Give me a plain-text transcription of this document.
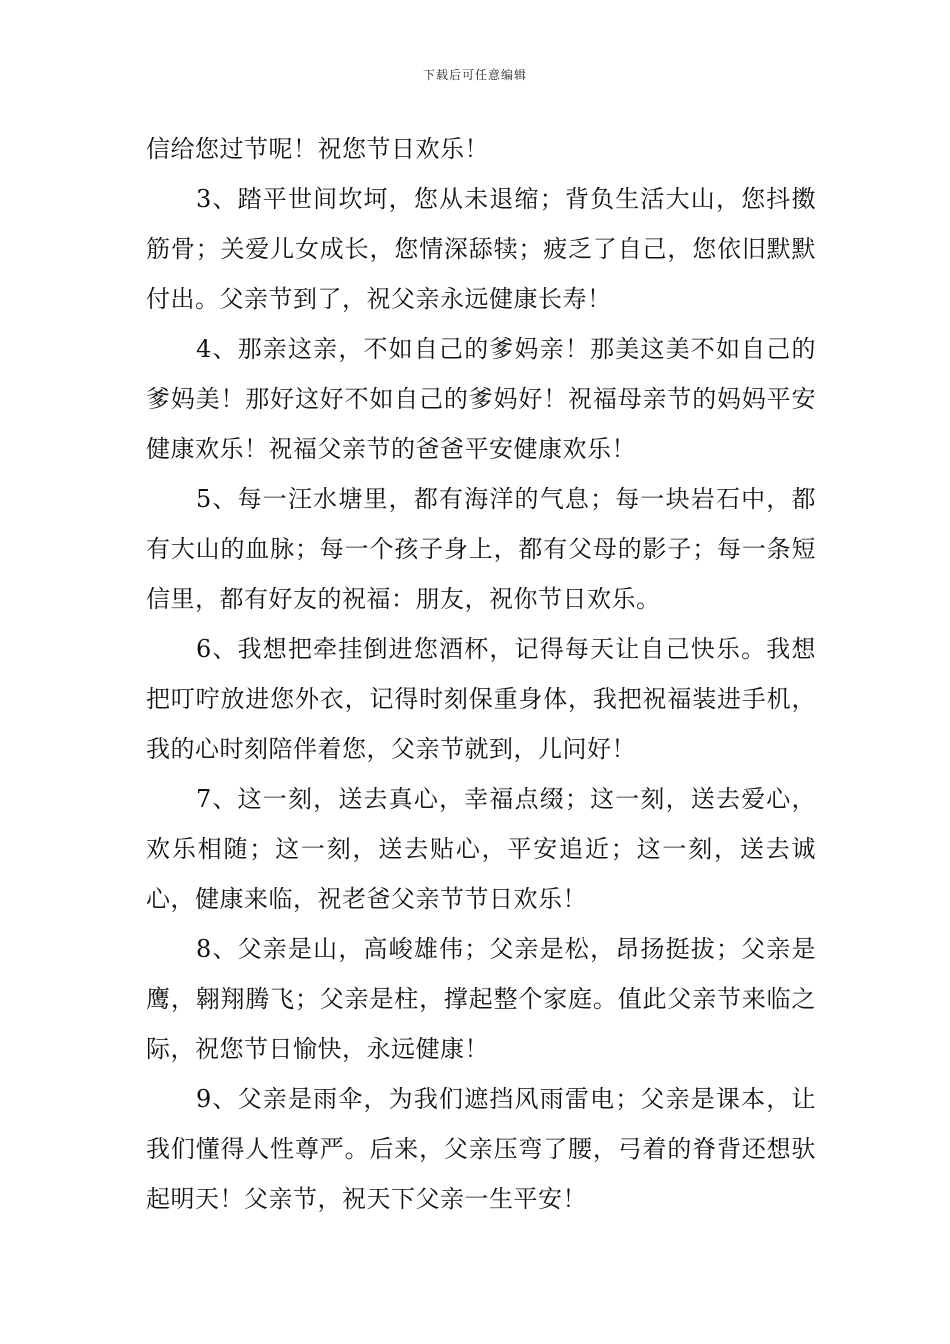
下载后可任意编辑

信给您过节呢！祝您节日欢乐！

3、踏平世间坎坷，您从未退缩；背负生活大山，您抖擞筋骨；关爱儿女成长，您情深舔犊；疲乏了自己，您依旧默默付出。父亲节到了，祝父亲永远健康长寿！

4、那亲这亲，不如自己的爹妈亲！那美这美不如自己的爹妈美！那好这好不如自己的爹妈好！祝福母亲节的妈妈平安健康欢乐！祝福父亲节的爸爸平安健康欢乐！

5、每一汪水塘里，都有海洋的气息；每一块岩石中，都有大山的血脉；每一个孩子身上，都有父母的影子；每一条短信里，都有好友的祝福：朋友，祝你节日欢乐。

6、我想把牵挂倒进您酒杯，记得每天让自己快乐。我想把叮咛放进您外衣，记得时刻保重身体，我把祝福装进手机，我的心时刻陪伴着您，父亲节就到，儿问好！

7、这一刻，送去真心，幸福点缀；这一刻，送去爱心，欢乐相随；这一刻，送去贴心，平安追近；这一刻，送去诚心，健康来临，祝老爸父亲节节日欢乐！

8、父亲是山，高峻雄伟；父亲是松，昂扬挺拔；父亲是鹰，翱翔腾飞；父亲是柱，撑起整个家庭。值此父亲节来临之际，祝您节日愉快，永远健康！

9、父亲是雨伞，为我们遮挡风雨雷电；父亲是课本，让我们懂得人性尊严。后来，父亲压弯了腰，弓着的脊背还想驮起明天！父亲节，祝天下父亲一生平安！
